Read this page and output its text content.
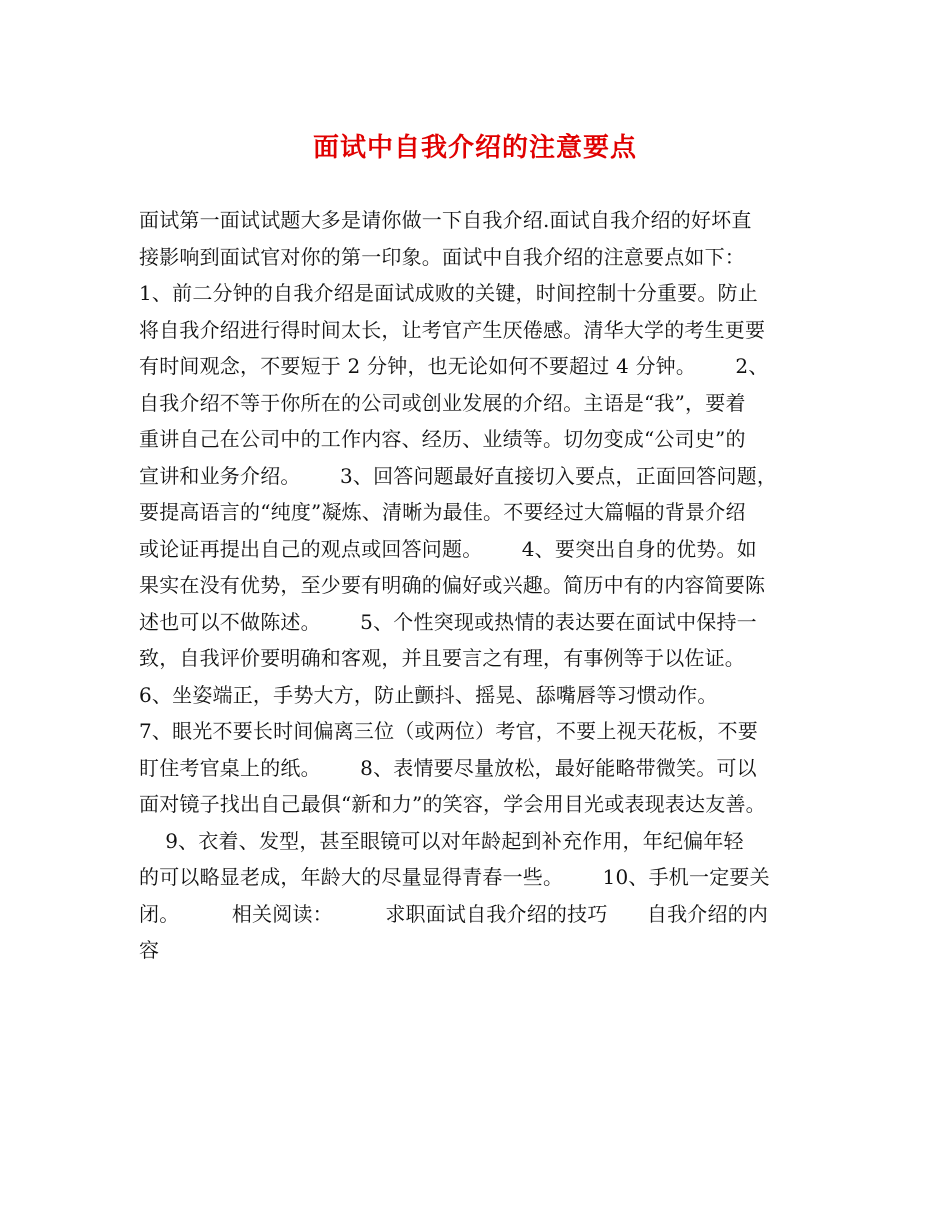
面试中自我介绍的注意要点
面试第一面试试题大多是请你做一下自我介绍.面试自我介绍的好坏直
接影响到面试官对你的第一印象。面试中自我介绍的注意要点如下：
1、前二分钟的自我介绍是面试成败的关键，时间控制十分重要。防止
将自我介绍进行得时间太长，让考官产生厌倦感。清华大学的考生更要
有时间观念，不要短于 2 分钟，也无论如何不要超过 4 分钟。      2、
自我介绍不等于你所在的公司或创业发展的介绍。主语是“我”，要着
重讲自己在公司中的工作内容、经历、业绩等。切勿变成“公司史”的
宣讲和业务介绍。      3、回答问题最好直接切入要点，正面回答问题，
要提高语言的“纯度”凝炼、清晰为最佳。不要经过大篇幅的背景介绍
或论证再提出自己的观点或回答问题。      4、要突出自身的优势。如
果实在没有优势，至少要有明确的偏好或兴趣。简历中有的内容简要陈
述也可以不做陈述。      5、个性突现或热情的表达要在面试中保持一
致，自我评价要明确和客观，并且要言之有理，有事例等于以佐证。
6、坐姿端正，手势大方，防止颤抖、摇晃、舔嘴唇等习惯动作。
7、眼光不要长时间偏离三位（或两位）考官，不要上视天花板，不要
盯住考官桌上的纸。      8、表情要尽量放松，最好能略带微笑。可以
面对镜子找出自己最俱“新和力”的笑容，学会用目光或表现表达友善。
9、衣着、发型，甚至眼镜可以对年龄起到补充作用，年纪偏年轻
的可以略显老成，年龄大的尽量显得青春一些。      10、手机一定要关
闭。        相关阅读：        求职面试自我介绍的技巧      自我介绍的内
容
